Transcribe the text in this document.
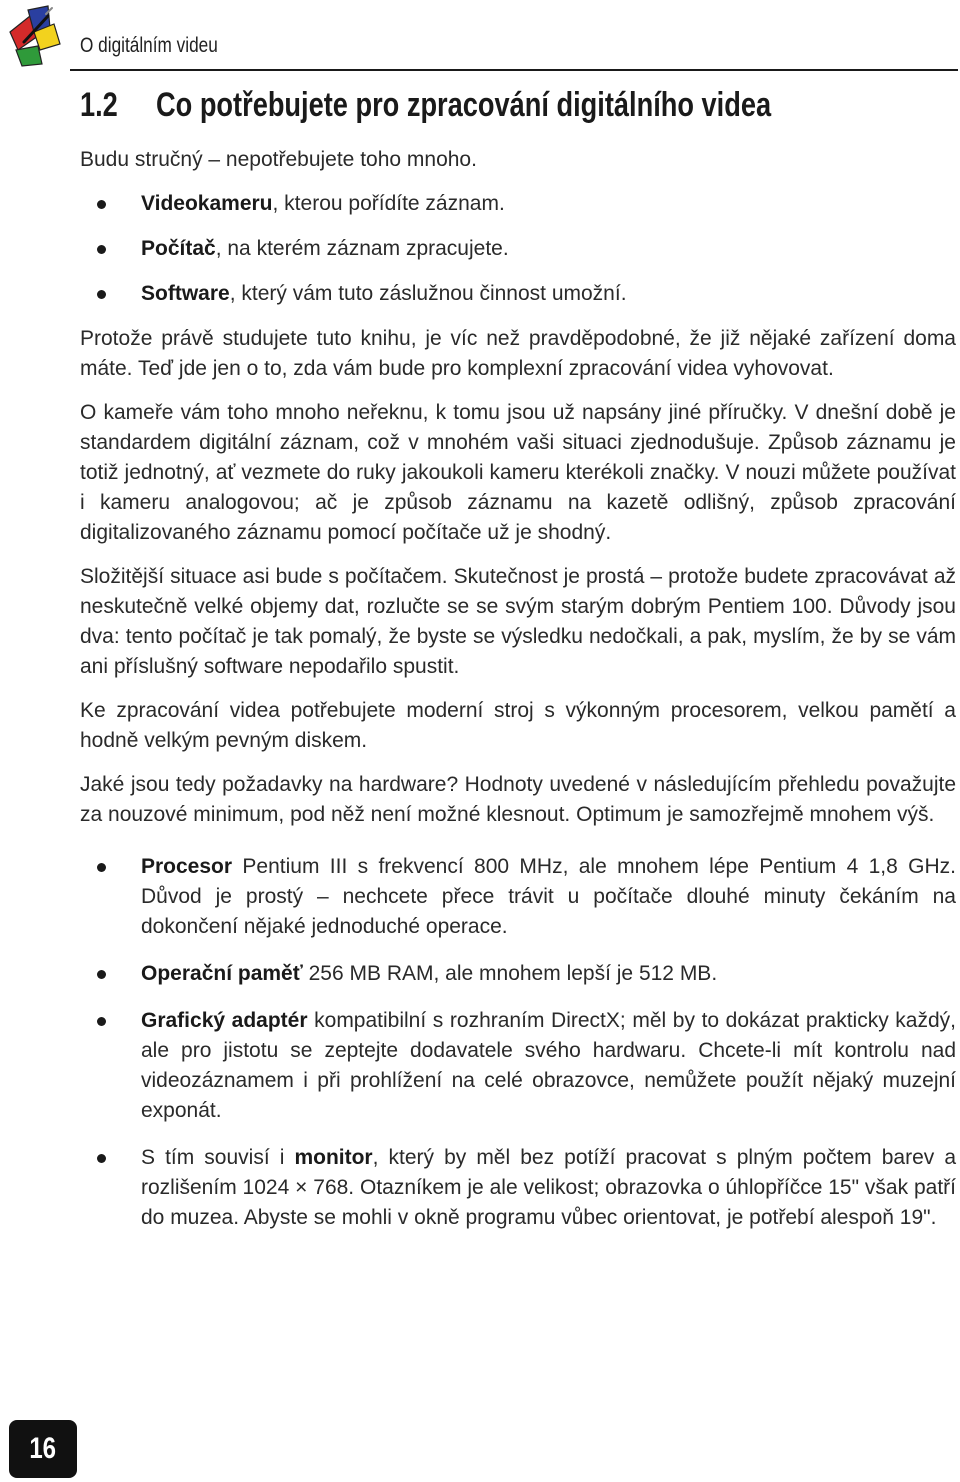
O digitálním videu
1.2 Co potřebujete pro zpracování digitálního videa

Budu stručný – nepotřebujete toho mnoho.

Videokameru, kterou pořídíte záznam.
Počítač, na kterém záznam zpracujete.
Software, který vám tuto záslužnou činnost umožní.

Protože právě studujete tuto knihu, je víc než pravděpodobné, že již nějaké zařízení doma máte. Teď jde jen o to, zda vám bude pro komplexní zpracování videa vyhovovat.

O kameře vám toho mnoho neřeknu, k tomu jsou už napsány jiné příručky. V dnešní době je standardem digitální záznam, což v mnohém vaši situaci zjednodušuje. Způsob záznamu je totiž jednotný, ať vezmete do ruky jakoukoli kameru kterékoli značky. V nouzi můžete používat i kameru analogovou; ač je způsob záznamu na kazetě odlišný, způsob zpracování digitalizovaného záznamu pomocí počítače už je shodný.

Složitější situace asi bude s počítačem. Skutečnost je prostá – protože budete zpracovávat až neskutečně velké objemy dat, rozlučte se se svým starým dobrým Pentiem 100. Důvody jsou dva: tento počítač je tak pomalý, že byste se výsledku nedočkali, a pak, myslím, že by se vám ani příslušný software nepodařilo spustit.

Ke zpracování videa potřebujete moderní stroj s výkonným procesorem, velkou pamětí a hodně velkým pevným diskem.

Jaké jsou tedy požadavky na hardware? Hodnoty uvedené v následujícím přehledu považujte za nouzové minimum, pod něž není možné klesnout. Optimum je samozřejmě mnohem výš.

Procesor Pentium III s frekvencí 800 MHz, ale mnohem lépe Pentium 4 1,8 GHz. Důvod je prostý – nechcete přece trávit u počítače dlouhé minuty čekáním na dokončení nějaké jednoduché operace.
Operační paměť 256 MB RAM, ale mnohem lepší je 512 MB.
Grafický adaptér kompatibilní s rozhraním DirectX; měl by to dokázat prakticky každý, ale pro jistotu se zeptejte dodavatele svého hardwaru. Chcete-li mít kontrolu nad videozáznamem i při prohlížení na celé obrazovce, nemůžete použít nějaký muzejní exponát.
S tím souvisí i monitor, který by měl bez potíží pracovat s plným počtem barev a rozlišením 1024 × 768. Otazníkem je ale velikost; obrazovka o úhlopříčce 15" však patří do muzea. Abyste se mohli v okně programu vůbec orientovat, je potřebí alespoň 19".
16
